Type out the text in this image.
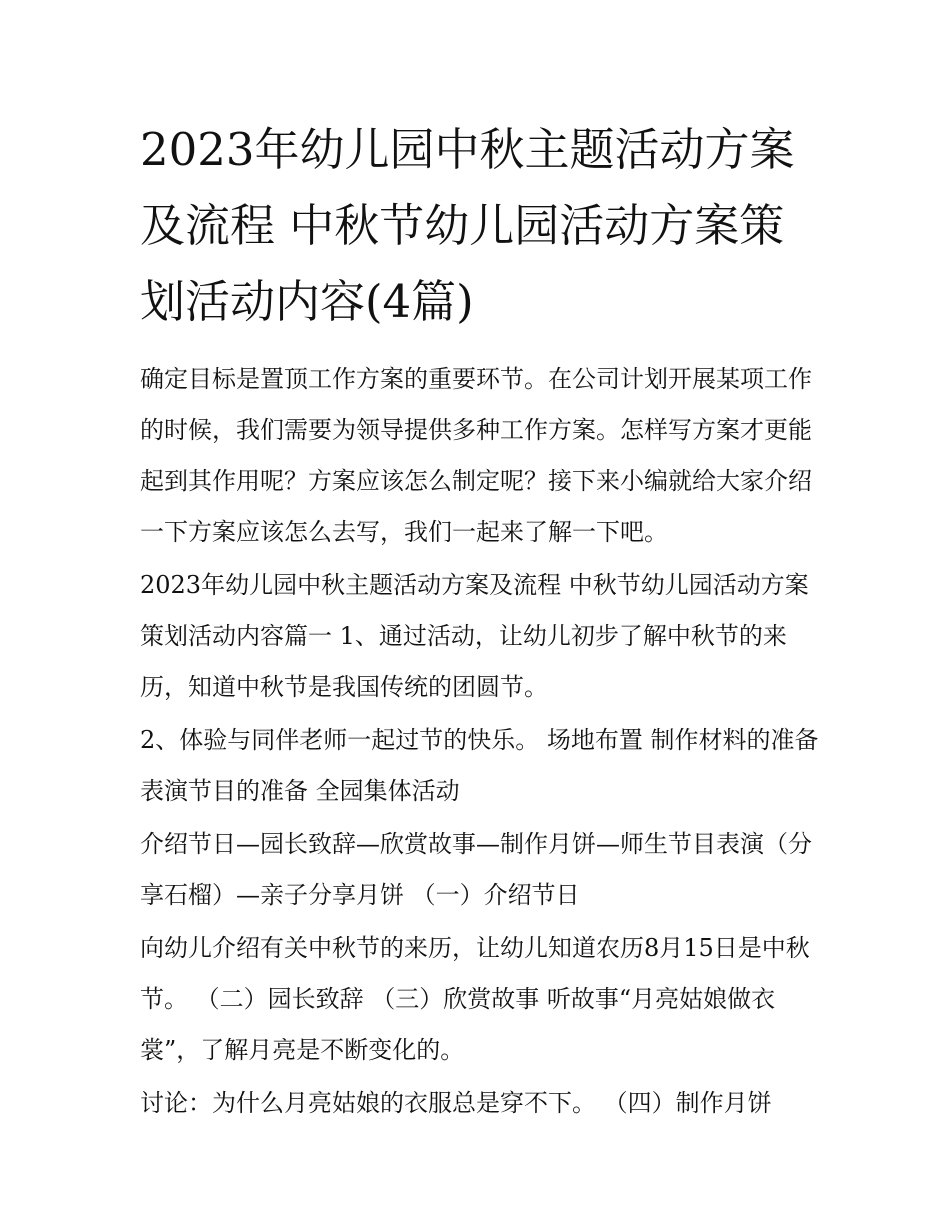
2023年幼儿园中秋主题活动方案及流程 中秋节幼儿园活动方案策划活动内容(4篇)

确定目标是置顶工作方案的重要环节。在公司计划开展某项工作的时候，我们需要为领导提供多种工作方案。怎样写方案才更能起到其作用呢？方案应该怎么制定呢？接下来小编就给大家介绍一下方案应该怎么去写，我们一起来了解一下吧。

2023年幼儿园中秋主题活动方案及流程 中秋节幼儿园活动方案策划活动内容篇一 1、通过活动，让幼儿初步了解中秋节的来历，知道中秋节是我国传统的团圆节。

2、体验与同伴老师一起过节的快乐。 场地布置 制作材料的准备 表演节目的准备 全园集体活动

介绍节日—园长致辞—欣赏故事—制作月饼—师生节目表演（分享石榴）—亲子分享月饼 （一）介绍节日

向幼儿介绍有关中秋节的来历，让幼儿知道农历8月15日是中秋节。 （二）园长致辞 （三）欣赏故事 听故事“月亮姑娘做衣裳”，了解月亮是不断变化的。

讨论：为什么月亮姑娘的衣服总是穿不下。 （四）制作月饼
